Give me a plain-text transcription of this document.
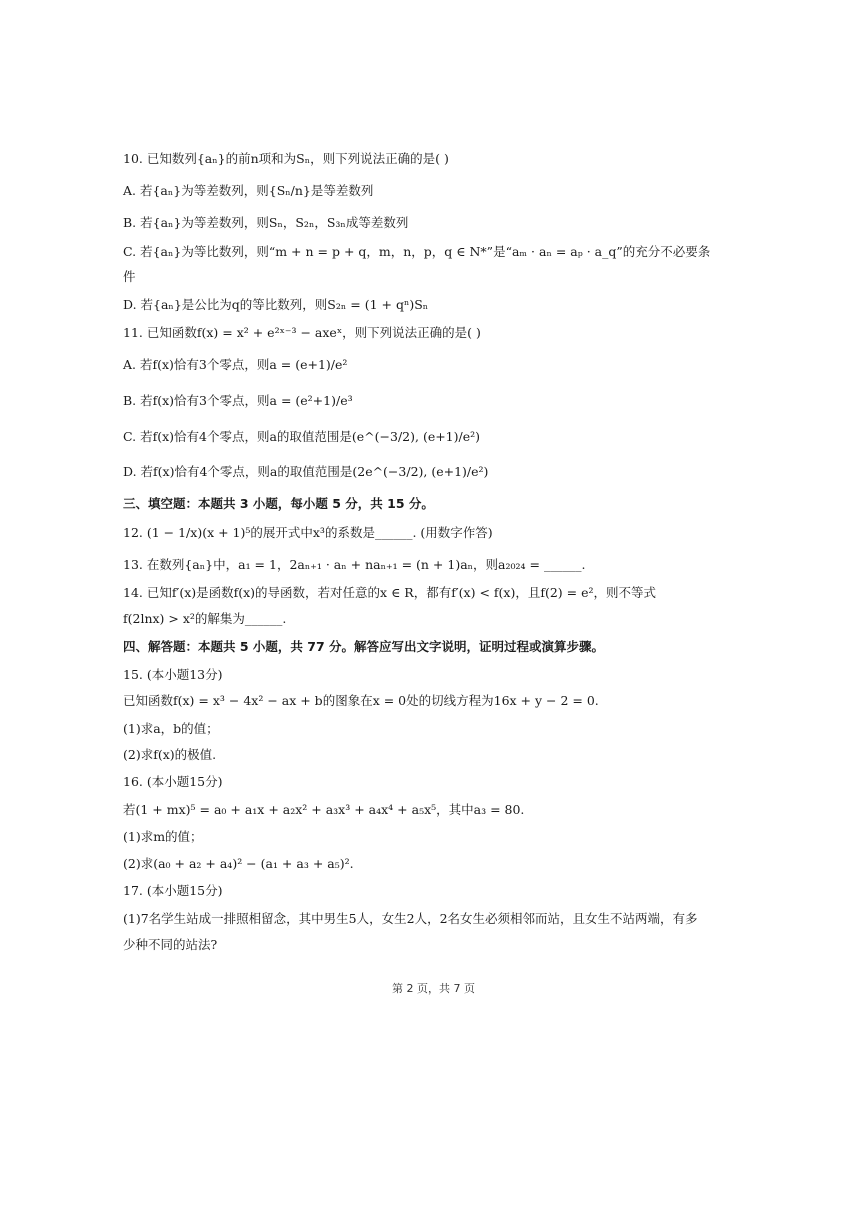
10. 已知数列{aₙ}的前n项和为Sₙ，则下列说法正确的是( )
A. 若{aₙ}为等差数列，则{Sₙ/n}是等差数列
B. 若{aₙ}为等差数列，则Sₙ，S₂ₙ，S₃ₙ成等差数列
C. 若{aₙ}为等比数列，则“m + n = p + q，m，n，p，q ∈ N*”是“aₘ · aₙ = aₚ · a_q”的充分不必要条
件
D. 若{aₙ}是公比为q的等比数列，则S₂ₙ = (1 + qⁿ)Sₙ
11. 已知函数f(x) = x² + e²ˣ⁻³ − axeˣ，则下列说法正确的是( )
A. 若f(x)恰有3个零点，则a = (e+1)/e²
B. 若f(x)恰有3个零点，则a = (e²+1)/e³
C. 若f(x)恰有4个零点，则a的取值范围是(e^(−3/2), (e+1)/e²)
D. 若f(x)恰有4个零点，则a的取值范围是(2e^(−3/2), (e+1)/e²)
三、填空题：本题共 3 小题，每小题 5 分，共 15 分。
12. (1 − 1/x)(x + 1)⁵的展开式中x³的系数是______. (用数字作答)
13. 在数列{aₙ}中，a₁ = 1，2aₙ₊₁ · aₙ + naₙ₊₁ = (n + 1)aₙ，则a₂₀₂₄ = ______.
14. 已知f′(x)是函数f(x)的导函数，若对任意的x ∈ R，都有f′(x) < f(x)，且f(2) = e²，则不等式
f(2lnx) > x²的解集为______.
四、解答题：本题共 5 小题，共 77 分。解答应写出文字说明，证明过程或演算步骤。
15. (本小题13分)
已知函数f(x) = x³ − 4x² − ax + b的图象在x = 0处的切线方程为16x + y − 2 = 0.
(1)求a，b的值；
(2)求f(x)的极值.
16. (本小题15分)
若(1 + mx)⁵ = a₀ + a₁x + a₂x² + a₃x³ + a₄x⁴ + a₅x⁵，其中a₃ = 80.
(1)求m的值；
(2)求(a₀ + a₂ + a₄)² − (a₁ + a₃ + a₅)².
17. (本小题15分)
(1)7名学生站成一排照相留念，其中男生5人，女生2人，2名女生必须相邻而站，且女生不站两端，有多
少种不同的站法?
第 2 页，共 7 页
